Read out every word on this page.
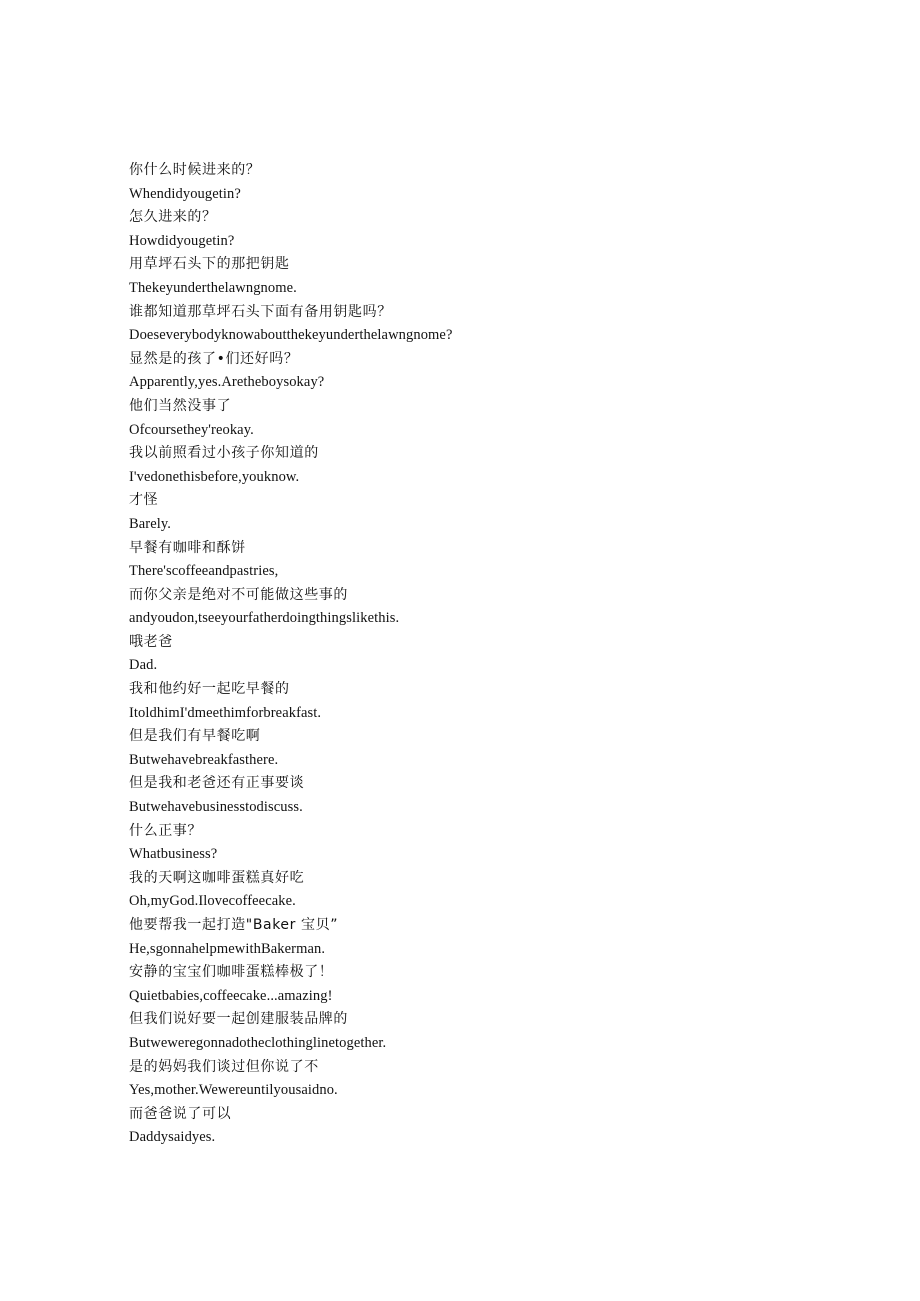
你什么时候进来的？
Whendidyougetin?
怎久进来的？
Howdidyougetin?
用草坪石头下的那把钥匙
Thekeyunderthelawngnome.
谁都知道那草坪石头下面有备用钥匙吗？
Doeseverybodyknowaboutthekeyunderthelawngnome?
显然是的孩了•们还好吗？
Apparently,yes.Aretheboysokay?
他们当然没事了
Ofcoursethey'reokay.
我以前照看过小孩子你知道的
I'vedonethisbefore,youknow.
才怪
Barely.
早餐有咖啡和酥饼
There'scoffeeandpastries,
而你父亲是绝对不可能做这些事的
andyoudon,tseeyourfatherdoingthingslikethis.
哦老爸
Dad.
我和他约好一起吃早餐的
ItoldhimI'dmeethimforbreakfast.
但是我们有早餐吃啊
Butwehavebreakfasthere.
但是我和老爸还有正事要谈
Butwehavebusinesstodiscuss.
什么正事？
Whatbusiness?
我的天啊这咖啡蛋糕真好吃
Oh,myGod.Ilovecoffeecake.
他要帮我一起打造"Baker 宝贝”
He,sgonnahelpmewithBakerman.
安静的宝宝们咖啡蛋糕棒极了！
Quietbabies,coffeecake...amazing!
但我们说好要一起创建服装品牌的
Butweweregonnadotheclothinglinetogether.
是的妈妈我们谈过但你说了不
Yes,mother.Wewereuntilyousaidno.
而爸爸说了可以
Daddysaidyes.
